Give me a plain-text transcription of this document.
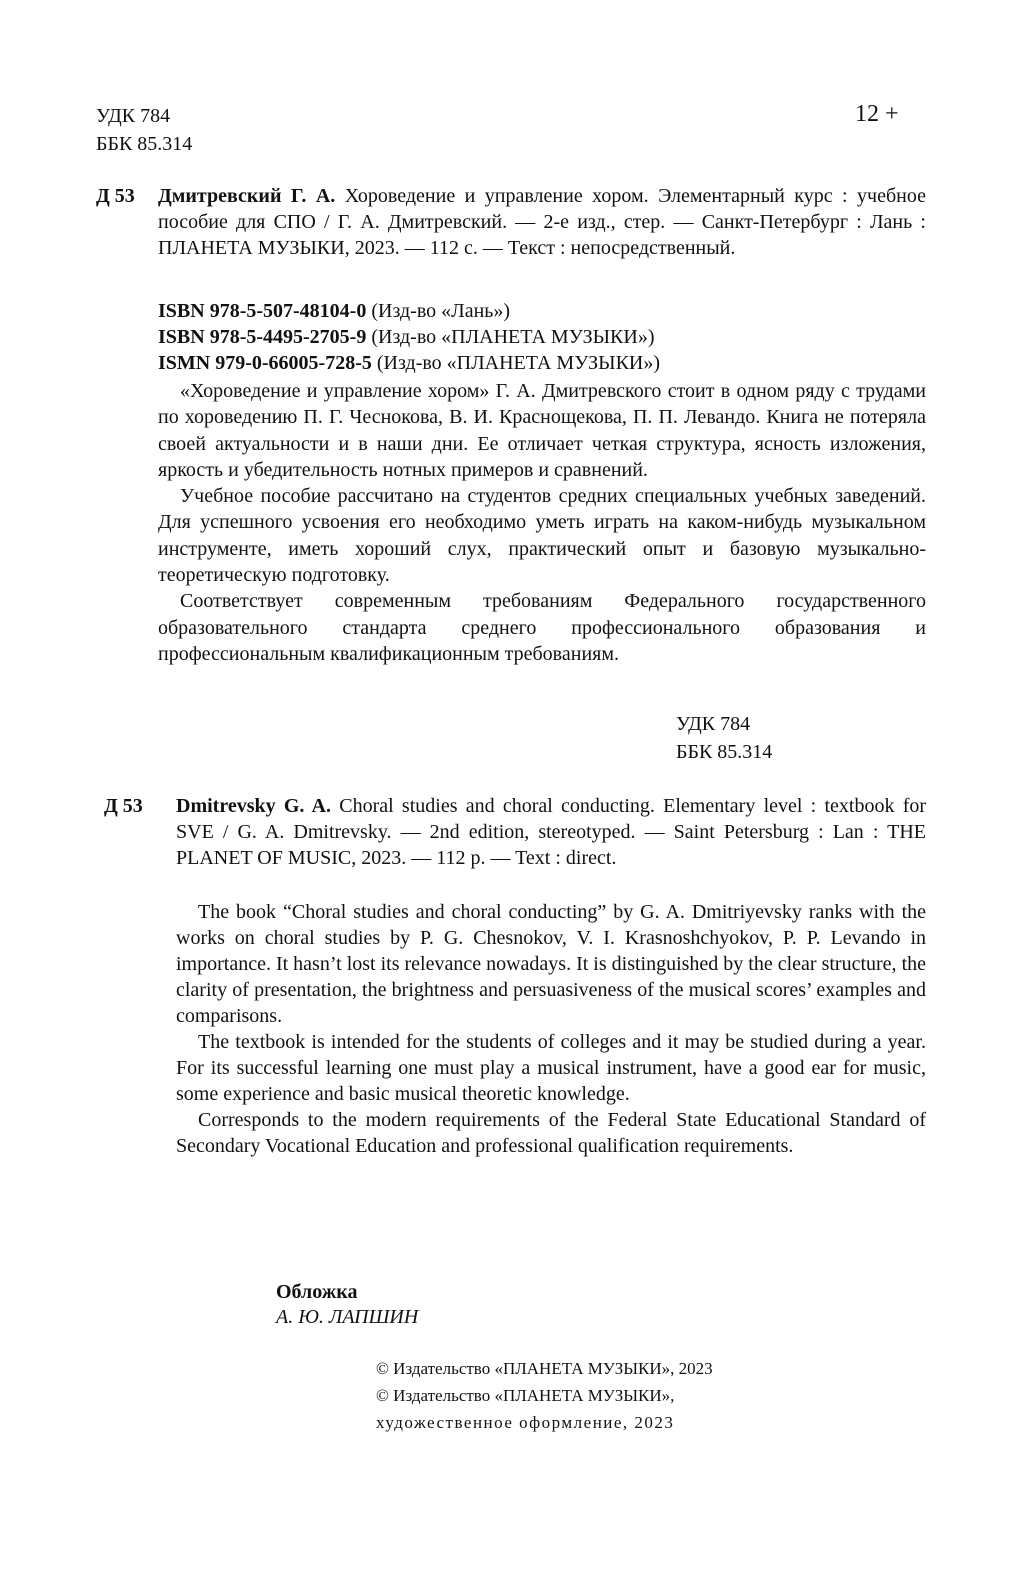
УДК 784
ББК 85.314
12 +
Д 53 Дмитревский Г. А. Хороведение и управление хором. Элементарный курс : учебное пособие для СПО / Г. А. Дмитревский. — 2-е изд., стер. — Санкт-Петербург : Лань : ПЛАНЕТА МУЗЫКИ, 2023. — 112 с. — Текст : непосредственный.
ISBN 978-5-507-48104-0 (Изд-во «Лань»)
ISBN 978-5-4495-2705-9 (Изд-во «ПЛАНЕТА МУЗЫКИ»)
ISMN 979-0-66005-728-5 (Изд-во «ПЛАНЕТА МУЗЫКИ»)

«Хороведение и управление хором» Г. А. Дмитревского стоит в одном ряду с трудами по хороведению П. Г. Чеснокова, В. И. Краснощекова, П. П. Левандо. Книга не потеряла своей актуальности и в наши дни. Ее отличает четкая структура, ясность изложения, яркость и убедительность нотных примеров и сравнений.

Учебное пособие рассчитано на студентов средних специальных учебных заведений. Для успешного усвоения его необходимо уметь играть на каком-нибудь музыкальном инструменте, иметь хороший слух, практический опыт и базовую музыкально-теоретическую подготовку.

Соответствует современным требованиям Федерального государственного образовательного стандарта среднего профессионального образования и профессиональным квалификационным требованиям.

УДК 784
ББК 85.314
Д 53 Dmitrevsky G. A. Choral studies and choral conducting. Elementary level : textbook for SVE / G. A. Dmitrevsky. — 2nd edition, stereotyped. — Saint Petersburg : Lan : THE PLANET OF MUSIC, 2023. — 112 p. — Text : direct.

The book “Choral studies and choral conducting” by G. A. Dmitriyevsky ranks with the works on choral studies by P. G. Chesnokov, V. I. Krasnoshchyokov, P. P. Levando in importance. It hasn’t lost its relevance nowadays. It is distinguished by the clear structure, the clarity of presentation, the brightness and persuasiveness of the musical scores’ examples and comparisons.

The textbook is intended for the students of colleges and it may be studied during a year. For its successful learning one must play a musical instrument, have a good ear for music, some experience and basic musical theoretic knowledge.

Corresponds to the modern requirements of the Federal State Educational Standard of Secondary Vocational Education and professional qualification requirements.

Обложка
А. Ю. ЛАПШИН
© Издательство «ПЛАНЕТА МУЗЫКИ», 2023
© Издательство «ПЛАНЕТА МУЗЫКИ»,
художественное оформление, 2023
